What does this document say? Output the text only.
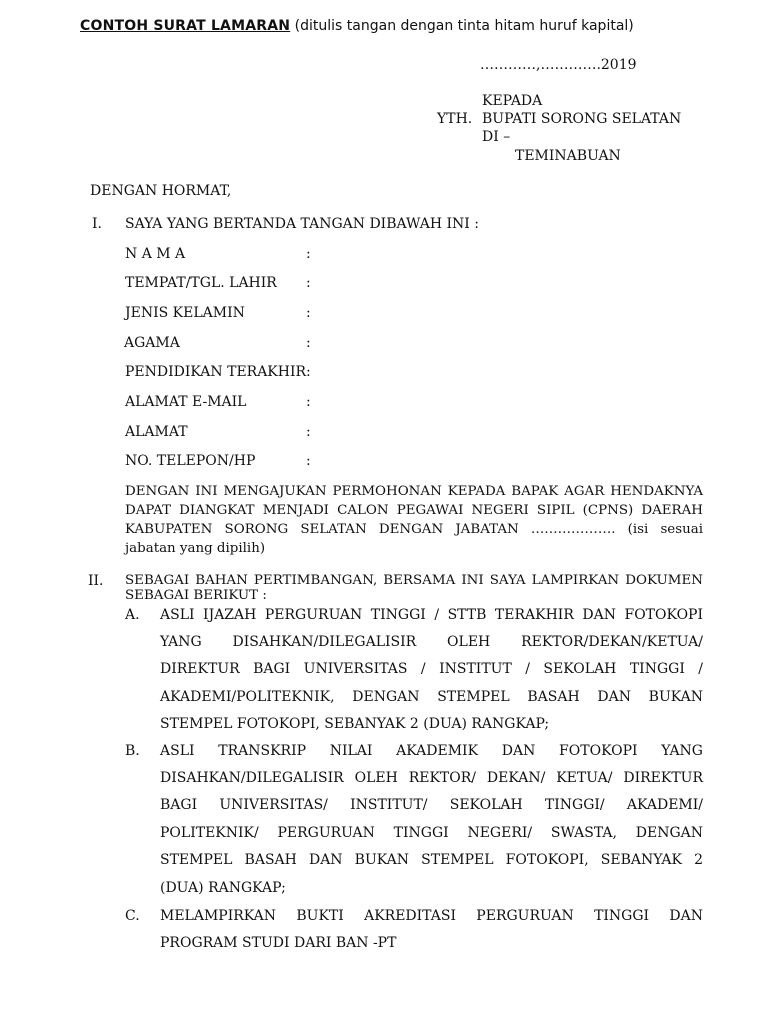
CONTOH SURAT LAMARAN (ditulis tangan dengan tinta hitam huruf kapital)
…………,………….2019
KEPADA
YTH. BUPATI SORONG SELATAN
DI –
TEMINABUAN
DENGAN HORMAT,
I. SAYA YANG BERTANDA TANGAN DIBAWAH INI :
N A M A	:
TEMPAT/TGL. LAHIR :
JENIS KELAMIN	:
AGAMA	:
PENDIDIKAN TERAKHIR :
ALAMAT E-MAIL	:
ALAMAT	:
NO. TELEPON/HP	:
DENGAN INI MENGAJUKAN PERMOHONAN KEPADA BAPAK AGAR HENDAKNYA
DAPAT DIANGKAT MENJADI CALON PEGAWAI NEGERI SIPIL (CPNS) DAERAH
KABUPATEN SORONG SELATAN DENGAN JABATAN ………………. (isi sesuai
jabatan yang dipilih)
II. SEBAGAI BAHAN PERTIMBANGAN, BERSAMA INI SAYA LAMPIRKAN DOKUMEN
SEBAGAI BERIKUT :
A. ASLI IJAZAH PERGURUAN TINGGI / STTB TERAKHIR DAN FOTOKOPI
YANG DISAHKAN/DILEGALISIR OLEH REKTOR/DEKAN/KETUA/
DIREKTUR BAGI UNIVERSITAS / INSTITUT / SEKOLAH TINGGI /
AKADEMI/POLITEKNIK, DENGAN STEMPEL BASAH DAN BUKAN
STEMPEL FOTOKOPI, SEBANYAK 2 (DUA) RANGKAP;
B. ASLI TRANSKRIP NILAI AKADEMIK DAN FOTOKOPI YANG
DISAHKAN/DILEGALISIR OLEH REKTOR/ DEKAN/ KETUA/ DIREKTUR
BAGI UNIVERSITAS/ INSTITUT/ SEKOLAH TINGGI/ AKADEMI/
POLITEKNIK/ PERGURUAN TINGGI NEGERI/ SWASTA, DENGAN
STEMPEL BASAH DAN BUKAN STEMPEL FOTOKOPI, SEBANYAK 2
(DUA) RANGKAP;
C. MELAMPIRKAN BUKTI AKREDITASI PERGURUAN TINGGI DAN
PROGRAM STUDI DARI BAN -PT
